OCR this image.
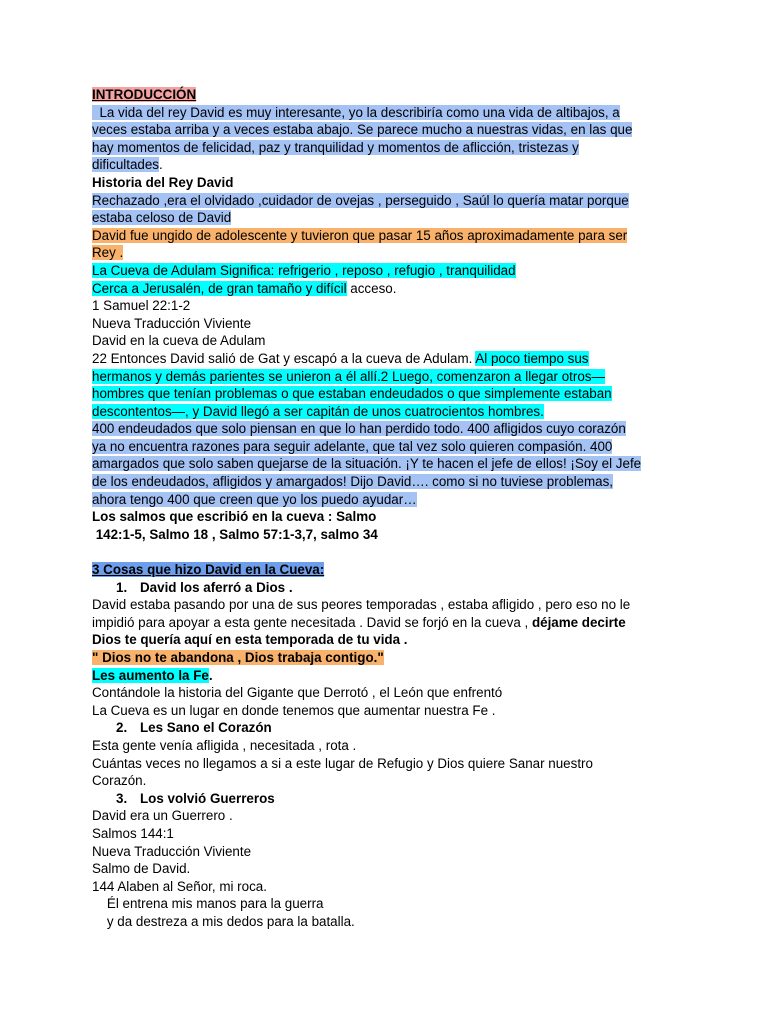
INTRODUCCIÓN
La vida del rey David es muy interesante, yo la describiría como una vida de altibajos, a
veces estaba arriba y a veces estaba abajo. Se parece mucho a nuestras vidas, en las que
hay momentos de felicidad, paz y tranquilidad y momentos de aflicción, tristezas y
dificultades.
Historia del Rey David
Rechazado ,era el olvidado ,cuidador de ovejas , perseguido , Saúl lo quería matar porque
estaba celoso de David
David fue ungido de adolescente y tuvieron que pasar 15 años aproximadamente para ser
Rey .
La Cueva de Adulam Significa: refrigerio , reposo , refugio , tranquilidad
Cerca a Jerusalén, de gran tamaño y difícil acceso.
1 Samuel 22:1-2
Nueva Traducción Viviente
David en la cueva de Adulam
22 Entonces David salió de Gat y escapó a la cueva de Adulam. Al poco tiempo sus
hermanos y demás parientes se unieron a él allí.2 Luego, comenzaron a llegar otros—
hombres que tenían problemas o que estaban endeudados o que simplemente estaban
descontentos—, y David llegó a ser capitán de unos cuatrocientos hombres.
400 endeudados que solo piensan en que lo han perdido todo. 400 afligidos cuyo corazón
ya no encuentra razones para seguir adelante, que tal vez solo quieren compasión. 400
amargados que solo saben quejarse de la situación. ¡Y te hacen el jefe de ellos! ¡Soy el Jefe
de los endeudados, afligidos y amargados! Dijo David…. como si no tuviese problemas,
ahora tengo 400 que creen que yo los puedo ayudar…
Los salmos que escribió en la cueva : Salmo
142:1-5, Salmo 18 , Salmo 57:1-3,7, salmo 34
3 Cosas que hizo David en la Cueva:
1. David los aferró a Dios .
David estaba pasando por una de sus peores temporadas , estaba afligido , pero eso no le
impidió para apoyar a esta gente necesitada . David se forjó en la cueva , déjame decirte
Dios te quería aquí en esta temporada de tu vida .
" Dios no te abandona , Dios trabaja contigo."
Les aumento la Fe.
Contándole la historia del Gigante que Derrotó , el León que enfrentó
La Cueva es un lugar en donde tenemos que aumentar nuestra Fe .
2. Les Sano el Corazón
Esta gente venía afligida , necesitada , rota .
Cuántas veces no llegamos a si a este lugar de Refugio y Dios quiere Sanar nuestro
Corazón.
3. Los volvió Guerreros
David era un Guerrero .
Salmos 144:1
Nueva Traducción Viviente
Salmo de David.
144 Alaben al Señor, mi roca.
Él entrena mis manos para la guerra
y da destreza a mis dedos para la batalla.
